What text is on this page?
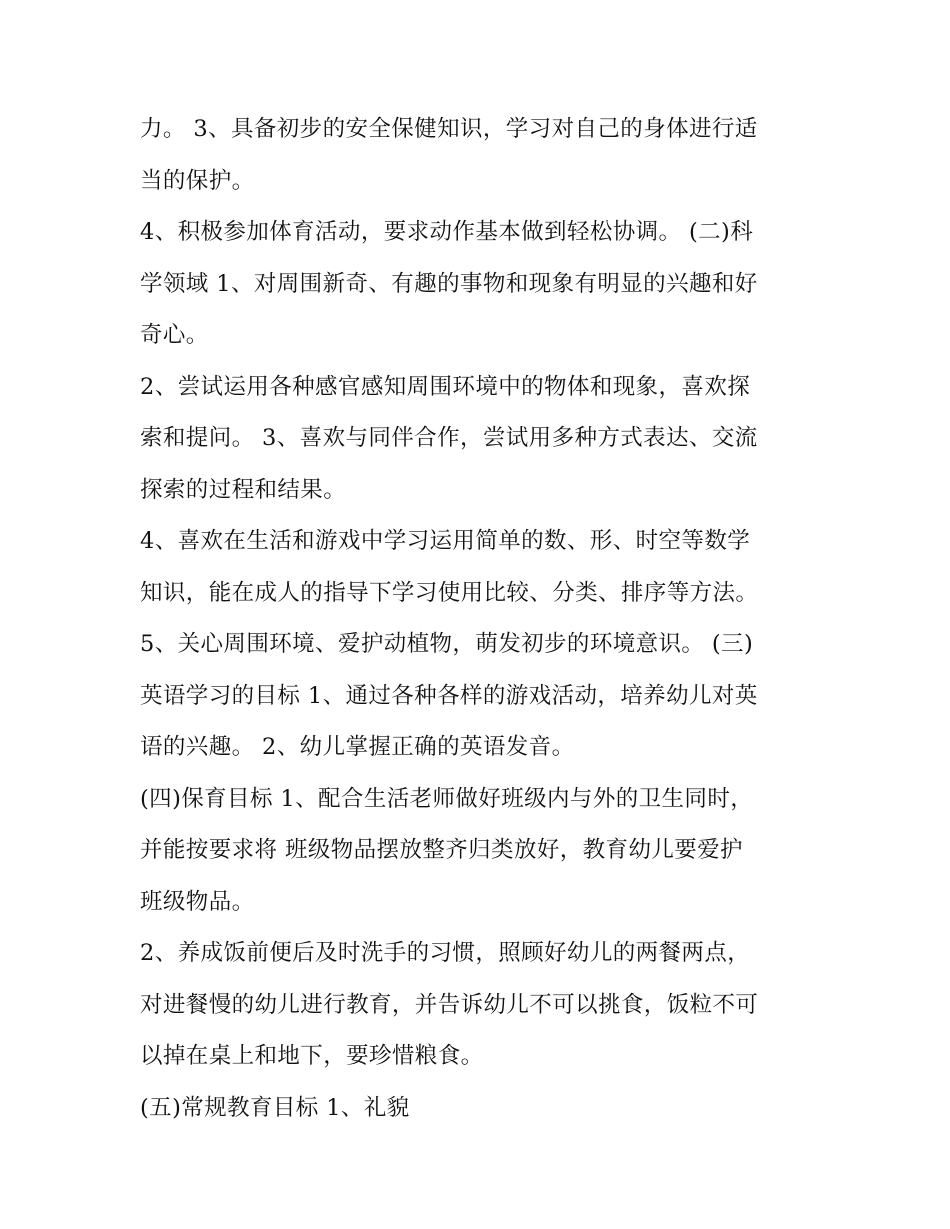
力。 3、具备初步的安全保健知识，学习对自己的身体进行适
当的保护。
4、积极参加体育活动，要求动作基本做到轻松协调。 (二)科
学领域 1、对周围新奇、有趣的事物和现象有明显的兴趣和好
奇心。
2、尝试运用各种感官感知周围环境中的物体和现象，喜欢探
索和提问。 3、喜欢与同伴合作，尝试用多种方式表达、交流
探索的过程和结果。
4、喜欢在生活和游戏中学习运用简单的数、形、时空等数学
知识，能在成人的指导下学习使用比较、分类、排序等方法。
5、关心周围环境、爱护动植物，萌发初步的环境意识。 (三)
英语学习的目标 1、通过各种各样的游戏活动，培养幼儿对英
语的兴趣。 2、幼儿掌握正确的英语发音。
(四)保育目标 1、配合生活老师做好班级内与外的卫生同时，
并能按要求将 班级物品摆放整齐归类放好，教育幼儿要爱护
班级物品。
2、养成饭前便后及时洗手的习惯，照顾好幼儿的两餐两点，
对进餐慢的幼儿进行教育，并告诉幼儿不可以挑食，饭粒不可
以掉在桌上和地下，要珍惜粮食。
(五)常规教育目标 1、礼貌
